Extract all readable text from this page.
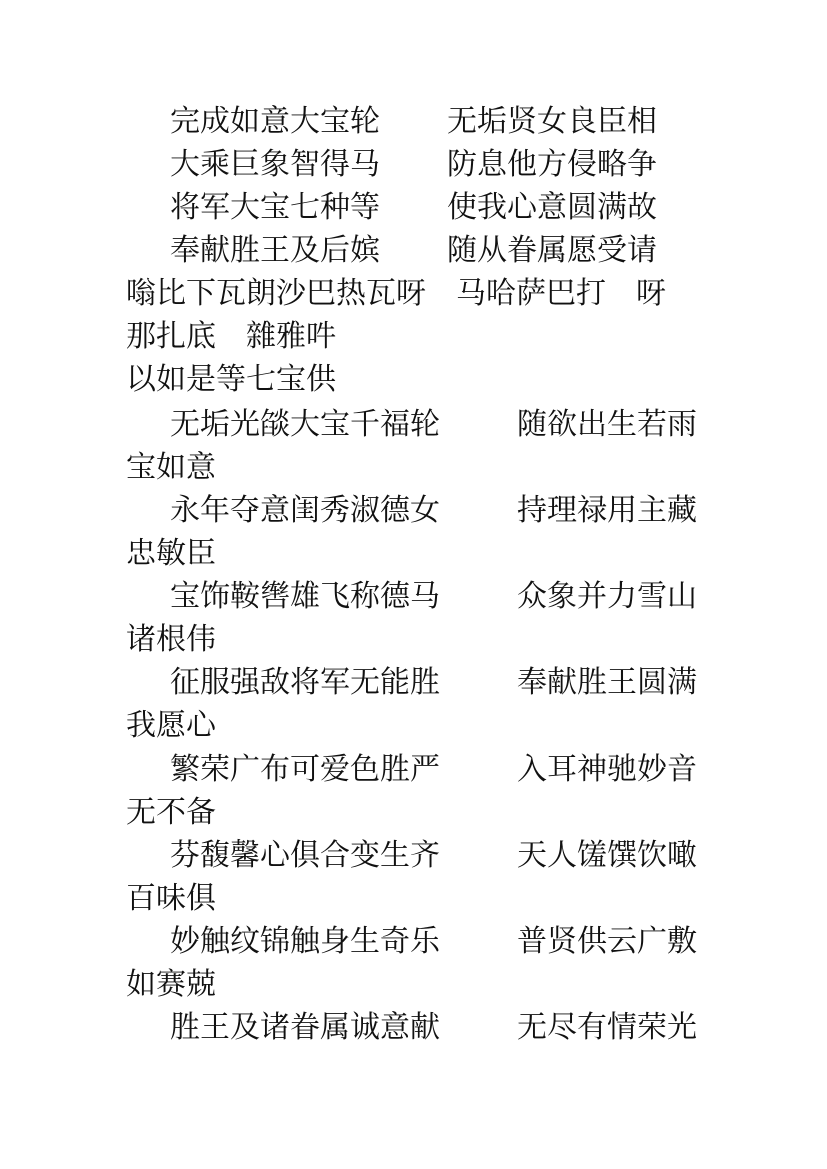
完成如意大宝轮 无垢贤女良臣相
大乘巨象智得马 防息他方侵略争
将军大宝七种等 使我心意圆满故
奉献胜王及后嫔 随从眷属愿受请
嗡比下瓦朗沙巴热瓦呀　马哈萨巴打　呀
那扎底　雜雅吽
以如是等七宝供
无垢光燄大宝千福轮	随欲出生若雨
宝如意
永年夺意闺秀淑德女	持理禄用主藏
忠敏臣
宝饰鞍辔雄飞称德马	众象并力雪山
诸根伟
征服强敌将军无能胜	奉献胜王圆满
我愿心
繁荣广布可爱色胜严	入耳神驰妙音
无不备
芬馥馨心俱合变生齐	天人馐馔饮噉
百味俱
妙触纹锦触身生奇乐	普贤供云广敷
如赛兢
胜王及诸眷属诚意献	无尽有情荣光
